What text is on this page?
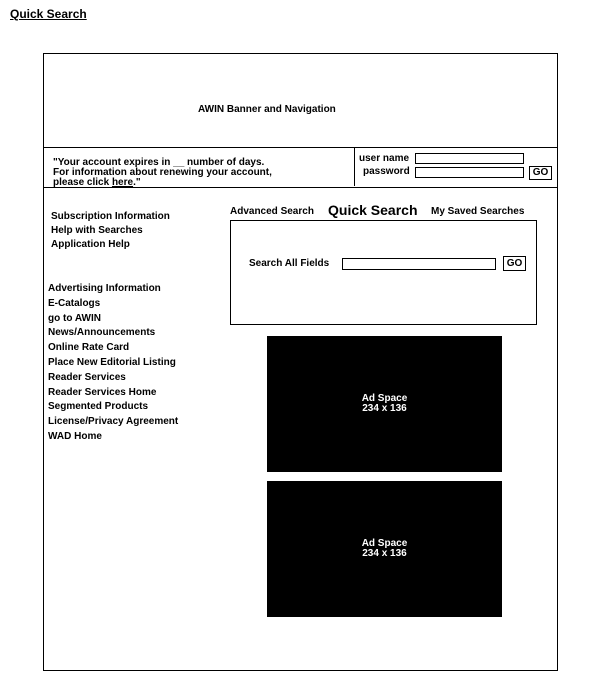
Quick Search
AWIN Banner and Navigation
"Your account expires in __ number of days.
For information about renewing your account,
please click here."
user name
password	GO
Subscription Information
Help with Searches
Application Help
Advertising Information
E-Catalogs
go to AWIN
News/Announcements
Online Rate Card
Place New Editorial Listing
Reader Services
Reader Services Home
Segmented Products
License/Privacy Agreement
WAD Home
Advanced Search Quick Search My Saved Searches
Search All Fields	GO
Ad Space
234 x 136
Ad Space
234 x 136
